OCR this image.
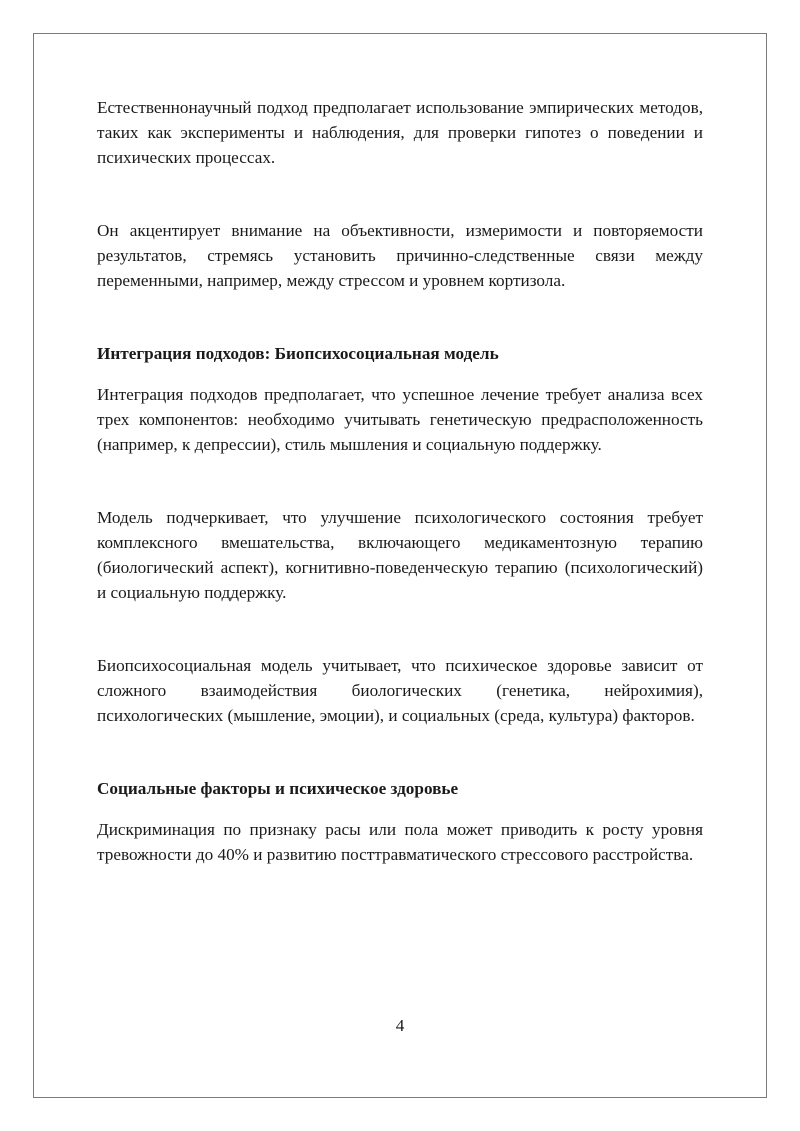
Естественнонаучный подход предполагает использование эмпирических методов, таких как эксперименты и наблюдения, для проверки гипотез о поведении и психических процессах.

Он акцентирует внимание на объективности, измеримости и повторяемости результатов, стремясь установить причинно-следственные связи между переменными, например, между стрессом и уровнем кортизола.

Интеграция подходов: Биопсихосоциальная модель

Интеграция подходов предполагает, что успешное лечение требует анализа всех трех компонентов: необходимо учитывать генетическую предрасположенность (например, к депрессии), стиль мышления и социальную поддержку.

Модель подчеркивает, что улучшение психологического состояния требует комплексного вмешательства, включающего медикаментозную терапию (биологический аспект), когнитивно-поведенческую терапию (психологический) и социальную поддержку.

Биопсихосоциальная модель учитывает, что психическое здоровье зависит от сложного взаимодействия биологических (генетика, нейрохимия), психологических (мышление, эмоции), и социальных (среда, культура) факторов.

Социальные факторы и психическое здоровье

Дискриминация по признаку расы или пола может приводить к росту уровня тревожности до 40% и развитию посттравматического стрессового расстройства.

4
